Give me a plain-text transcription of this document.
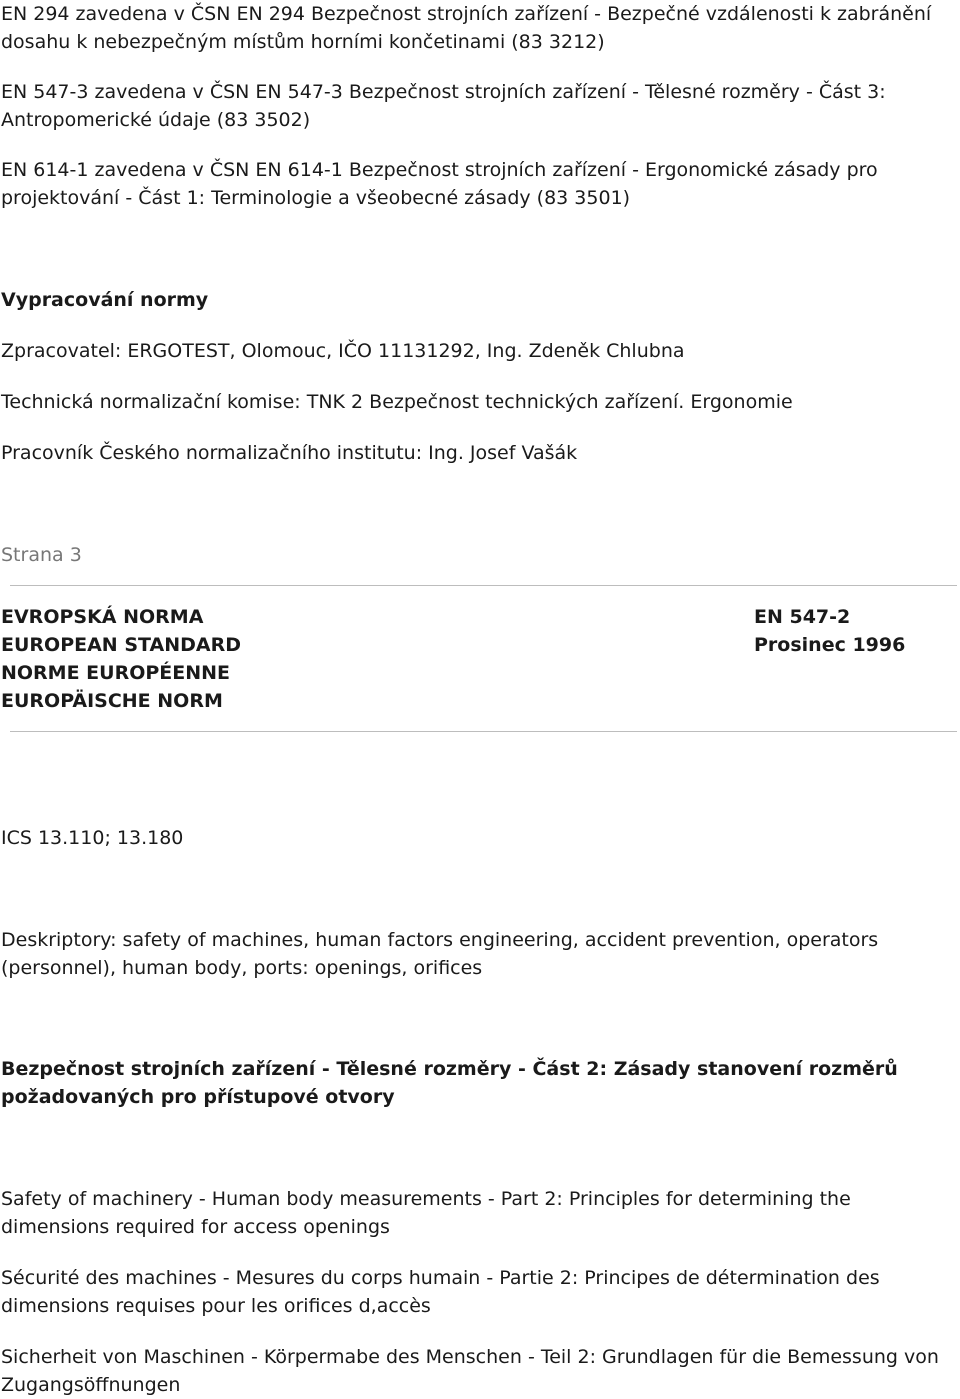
EN 294 zavedena v ČSN EN 294 Bezpečnost strojních zařízení - Bezpečné vzdálenosti k zabránění dosahu k nebezpečným místům horními končetinami (83 3212)

EN 547-3 zavedena v ČSN EN 547-3 Bezpečnost strojních zařízení - Tělesné rozměry - Část 3: Antropomerické údaje (83 3502)

EN 614-1 zavedena v ČSN EN 614-1 Bezpečnost strojních zařízení - Ergonomické zásady pro projektování - Část 1: Terminologie a všeobecné zásady (83 3501)

Vypracování normy

Zpracovatel: ERGOTEST, Olomouc, IČO 11131292, Ing. Zdeněk Chlubna

Technická normalizační komise: TNK 2 Bezpečnost technických zařízení. Ergonomie

Pracovník Českého normalizačního institutu: Ing. Josef Vašák

Strana 3

EVROPSKÁ NORMA
EUROPEAN STANDARD
NORME EUROPÉENNE
EUROPÄISCHE NORM
EN 547-2
Prosinec 1996

ICS 13.110; 13.180

Deskriptory: safety of machines, human factors engineering, accident prevention, operators (personnel), human body, ports: openings, orifices

Bezpečnost strojních zařízení - Tělesné rozměry - Část 2: Zásady stanovení rozměrů požadovaných pro přístupové otvory

Safety of machinery - Human body measurements - Part 2: Principles for determining the dimensions required for access openings

Sécurité des machines - Mesures du corps humain - Partie 2: Principes de détermination des dimensions requises pour les orifices d,accès

Sicherheit von Maschinen - Körpermabe des Menschen - Teil 2: Grundlagen für die Bemessung von Zugangsöffnungen
